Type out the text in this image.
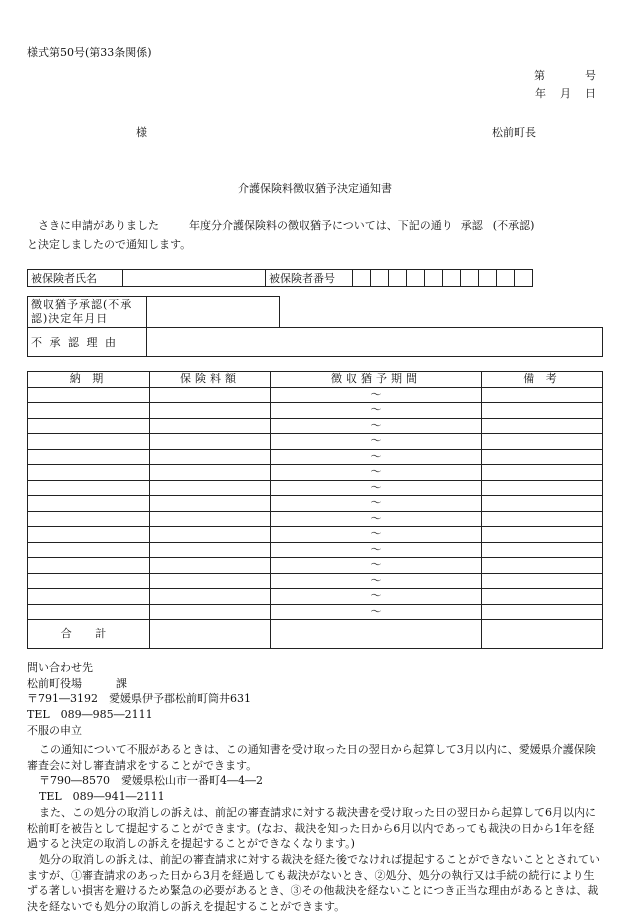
様式第50号(第33条関係)
第	号
年 月 日
様	松前町長
介護保険料徴収猶予決定通知書
さきに申請がありました	年度分介護保険料の徴収猶予については、下記の通り 承認 (不承認)
と決定しましたので通知します。
被保険者氏名		被保険者番号										
徴収猶予承認(不承
認)決定年月日		
不 承 認 理 由		
納 期	保険料額	徴収猶予期間	備 考
		〜	
		〜	
		〜	
		〜	
		〜	
		〜	
		〜	
		〜	
		〜	
		〜	
		〜	
		〜	
		〜	
		〜	
		〜	
合 計			
問い合わせ先
松前町役場	課
〒791―3192　愛媛県伊予郡松前町筒井631
TEL　089―985―2111
不服の申立

この通知について不服があるときは、この通知書を受け取った日の翌日から起算して3月以内に、愛媛県介護保険審査会に対し審査請求をすることができます。

〒790―8570　愛媛県松山市一番町4―4―2

TEL　089―941―2111

また、この処分の取消しの訴えは、前記の審査請求に対する裁決書を受け取った日の翌日から起算して6月以内に松前町を被告として提起することができます。(なお、裁決を知った日から6月以内であっても裁決の日から1年を経過すると決定の取消しの訴えを提起することができなくなります。)

処分の取消しの訴えは、前記の審査請求に対する裁決を経た後でなければ提起することができないこととされていますが、①審査請求のあった日から3月を経過しても裁決がないとき、②処分、処分の執行又は手続の続行により生ずる著しい損害を避けるため緊急の必要があるとき、③その他裁決を経ないことにつき正当な理由があるときは、裁決を経ないでも処分の取消しの訴えを提起することができます。
